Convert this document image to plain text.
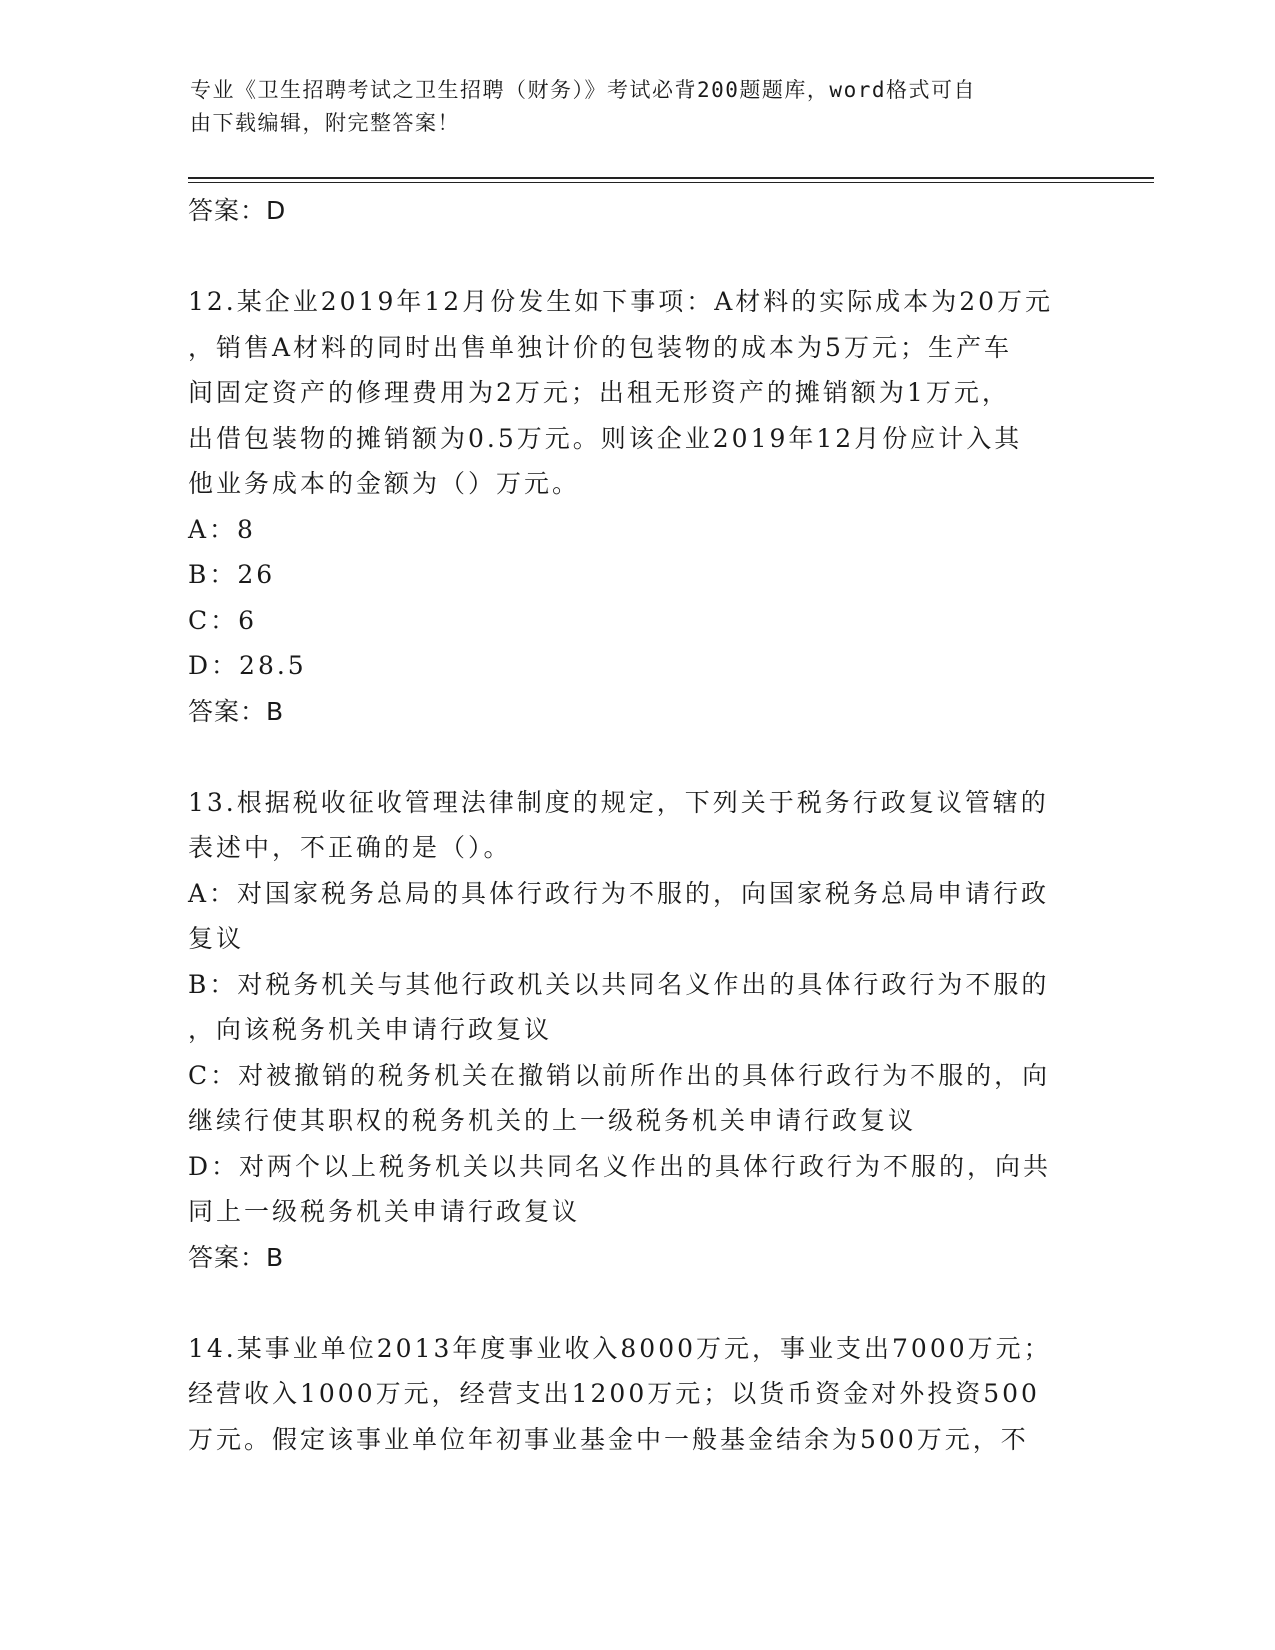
专业《卫生招聘考试之卫生招聘（财务）》考试必背200题题库，word格式可自
由下载编辑，附完整答案！

答案：D

12.某企业2019年12月份发生如下事项：A材料的实际成本为20万元

，销售A材料的同时出售单独计价的包装物的成本为5万元；生产车

间固定资产的修理费用为2万元；出租无形资产的摊销额为1万元，

出借包装物的摊销额为0.5万元。则该企业2019年12月份应计入其

他业务成本的金额为（）万元。

A：8

B：26

C：6

D：28.5

答案：B

13.根据税收征收管理法律制度的规定，下列关于税务行政复议管辖的

表述中，不正确的是（）。

A：对国家税务总局的具体行政行为不服的，向国家税务总局申请行政

复议

B：对税务机关与其他行政机关以共同名义作出的具体行政行为不服的

，向该税务机关申请行政复议

C：对被撤销的税务机关在撤销以前所作出的具体行政行为不服的，向

继续行使其职权的税务机关的上一级税务机关申请行政复议

D：对两个以上税务机关以共同名义作出的具体行政行为不服的，向共

同上一级税务机关申请行政复议

答案：B

14.某事业单位2013年度事业收入8000万元，事业支出7000万元；

经营收入1000万元，经营支出1200万元；以货币资金对外投资500

万元。假定该事业单位年初事业基金中一般基金结余为500万元，不
